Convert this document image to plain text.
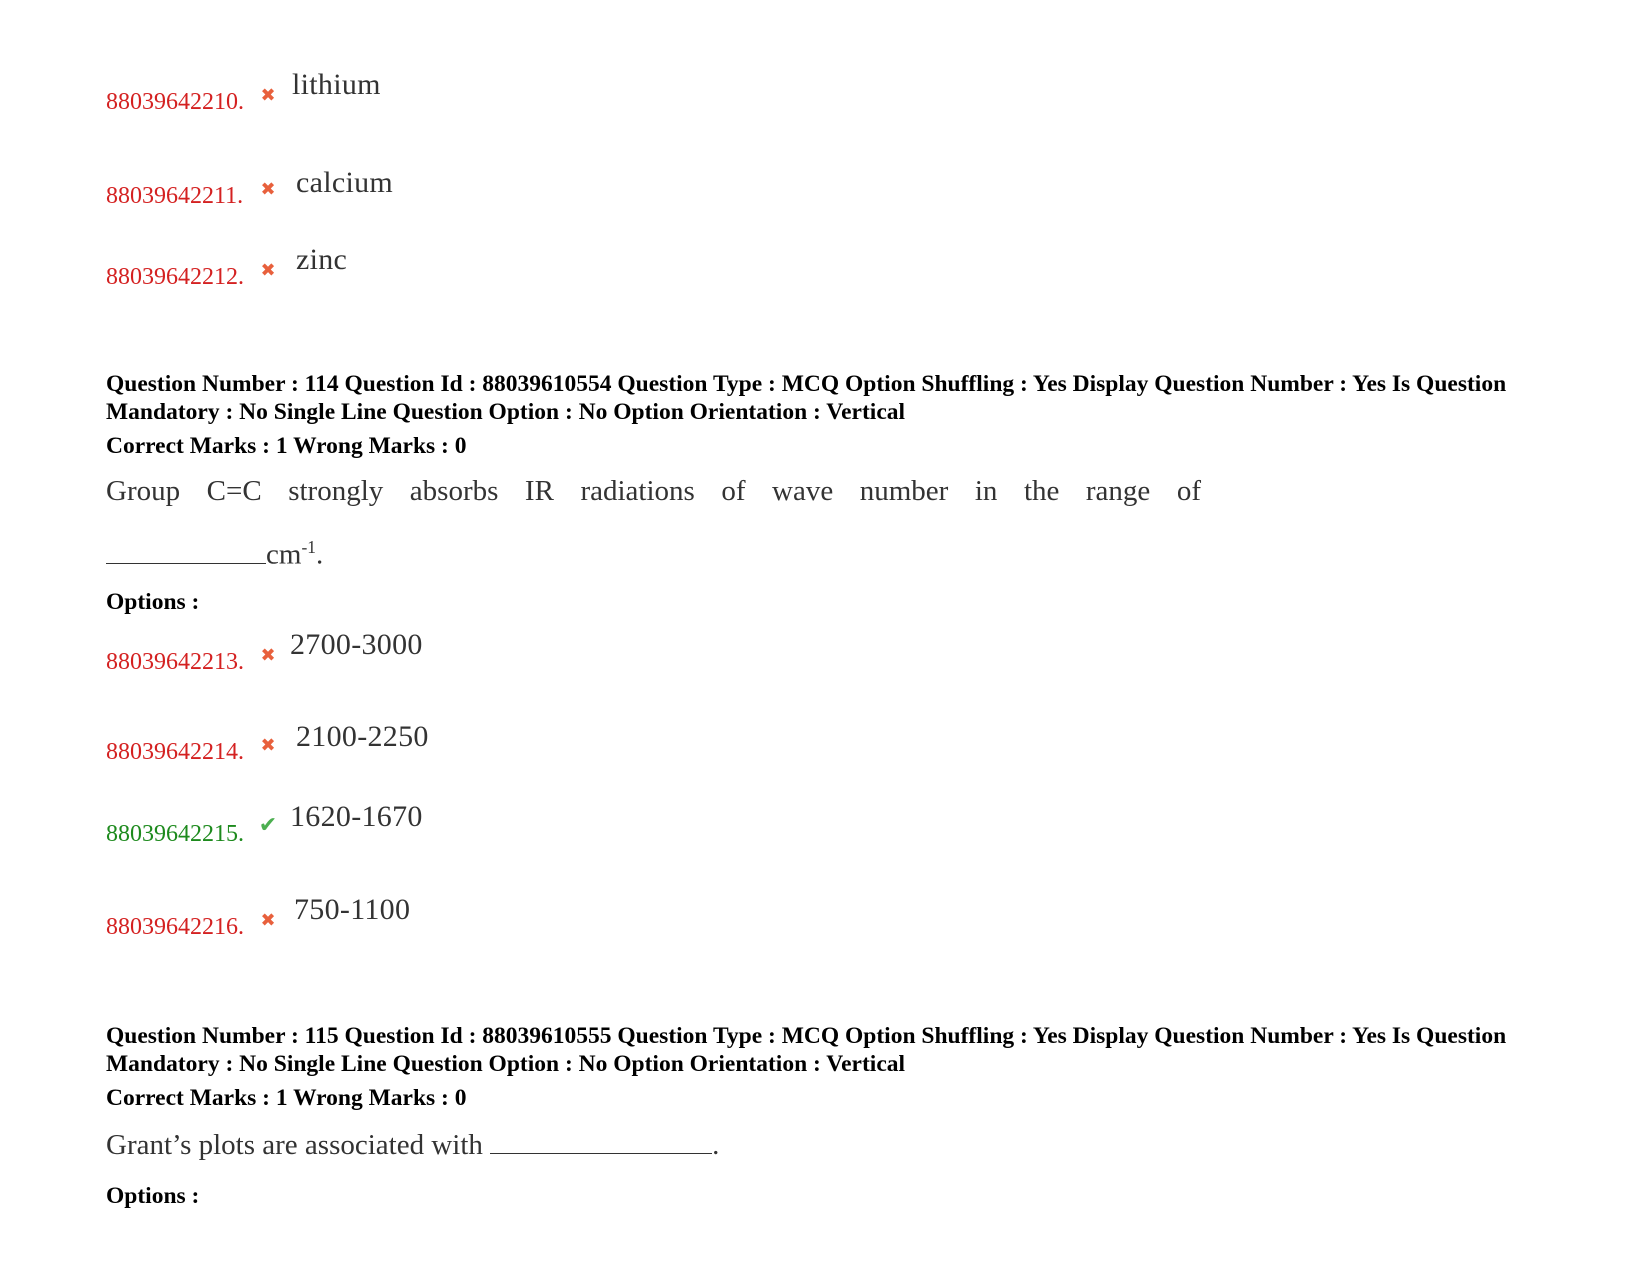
88039642210. ✖ lithium
88039642211. ✖ calcium
88039642212. ✖ zinc
Question Number : 114 Question Id : 88039610554 Question Type : MCQ Option Shuffling : Yes Display Question Number : Yes Is Question Mandatory : No Single Line Question Option : No Option Orientation : Vertical
Correct Marks : 1 Wrong Marks : 0
Group C=C strongly absorbs IR radiations of wave number in the range of
$cm^{-1}$.
Options :
88039642213. ✖ 2700-3000
88039642214. ✖ 2100-2250
88039642215. ✔ 1620-1670
88039642216. ✖ 750-1100
Question Number : 115 Question Id : 88039610555 Question Type : MCQ Option Shuffling : Yes Display Question Number : Yes Is Question Mandatory : No Single Line Question Option : No Option Orientation : Vertical
Correct Marks : 1 Wrong Marks : 0
Grant’s plots are associated with	.
Options :
